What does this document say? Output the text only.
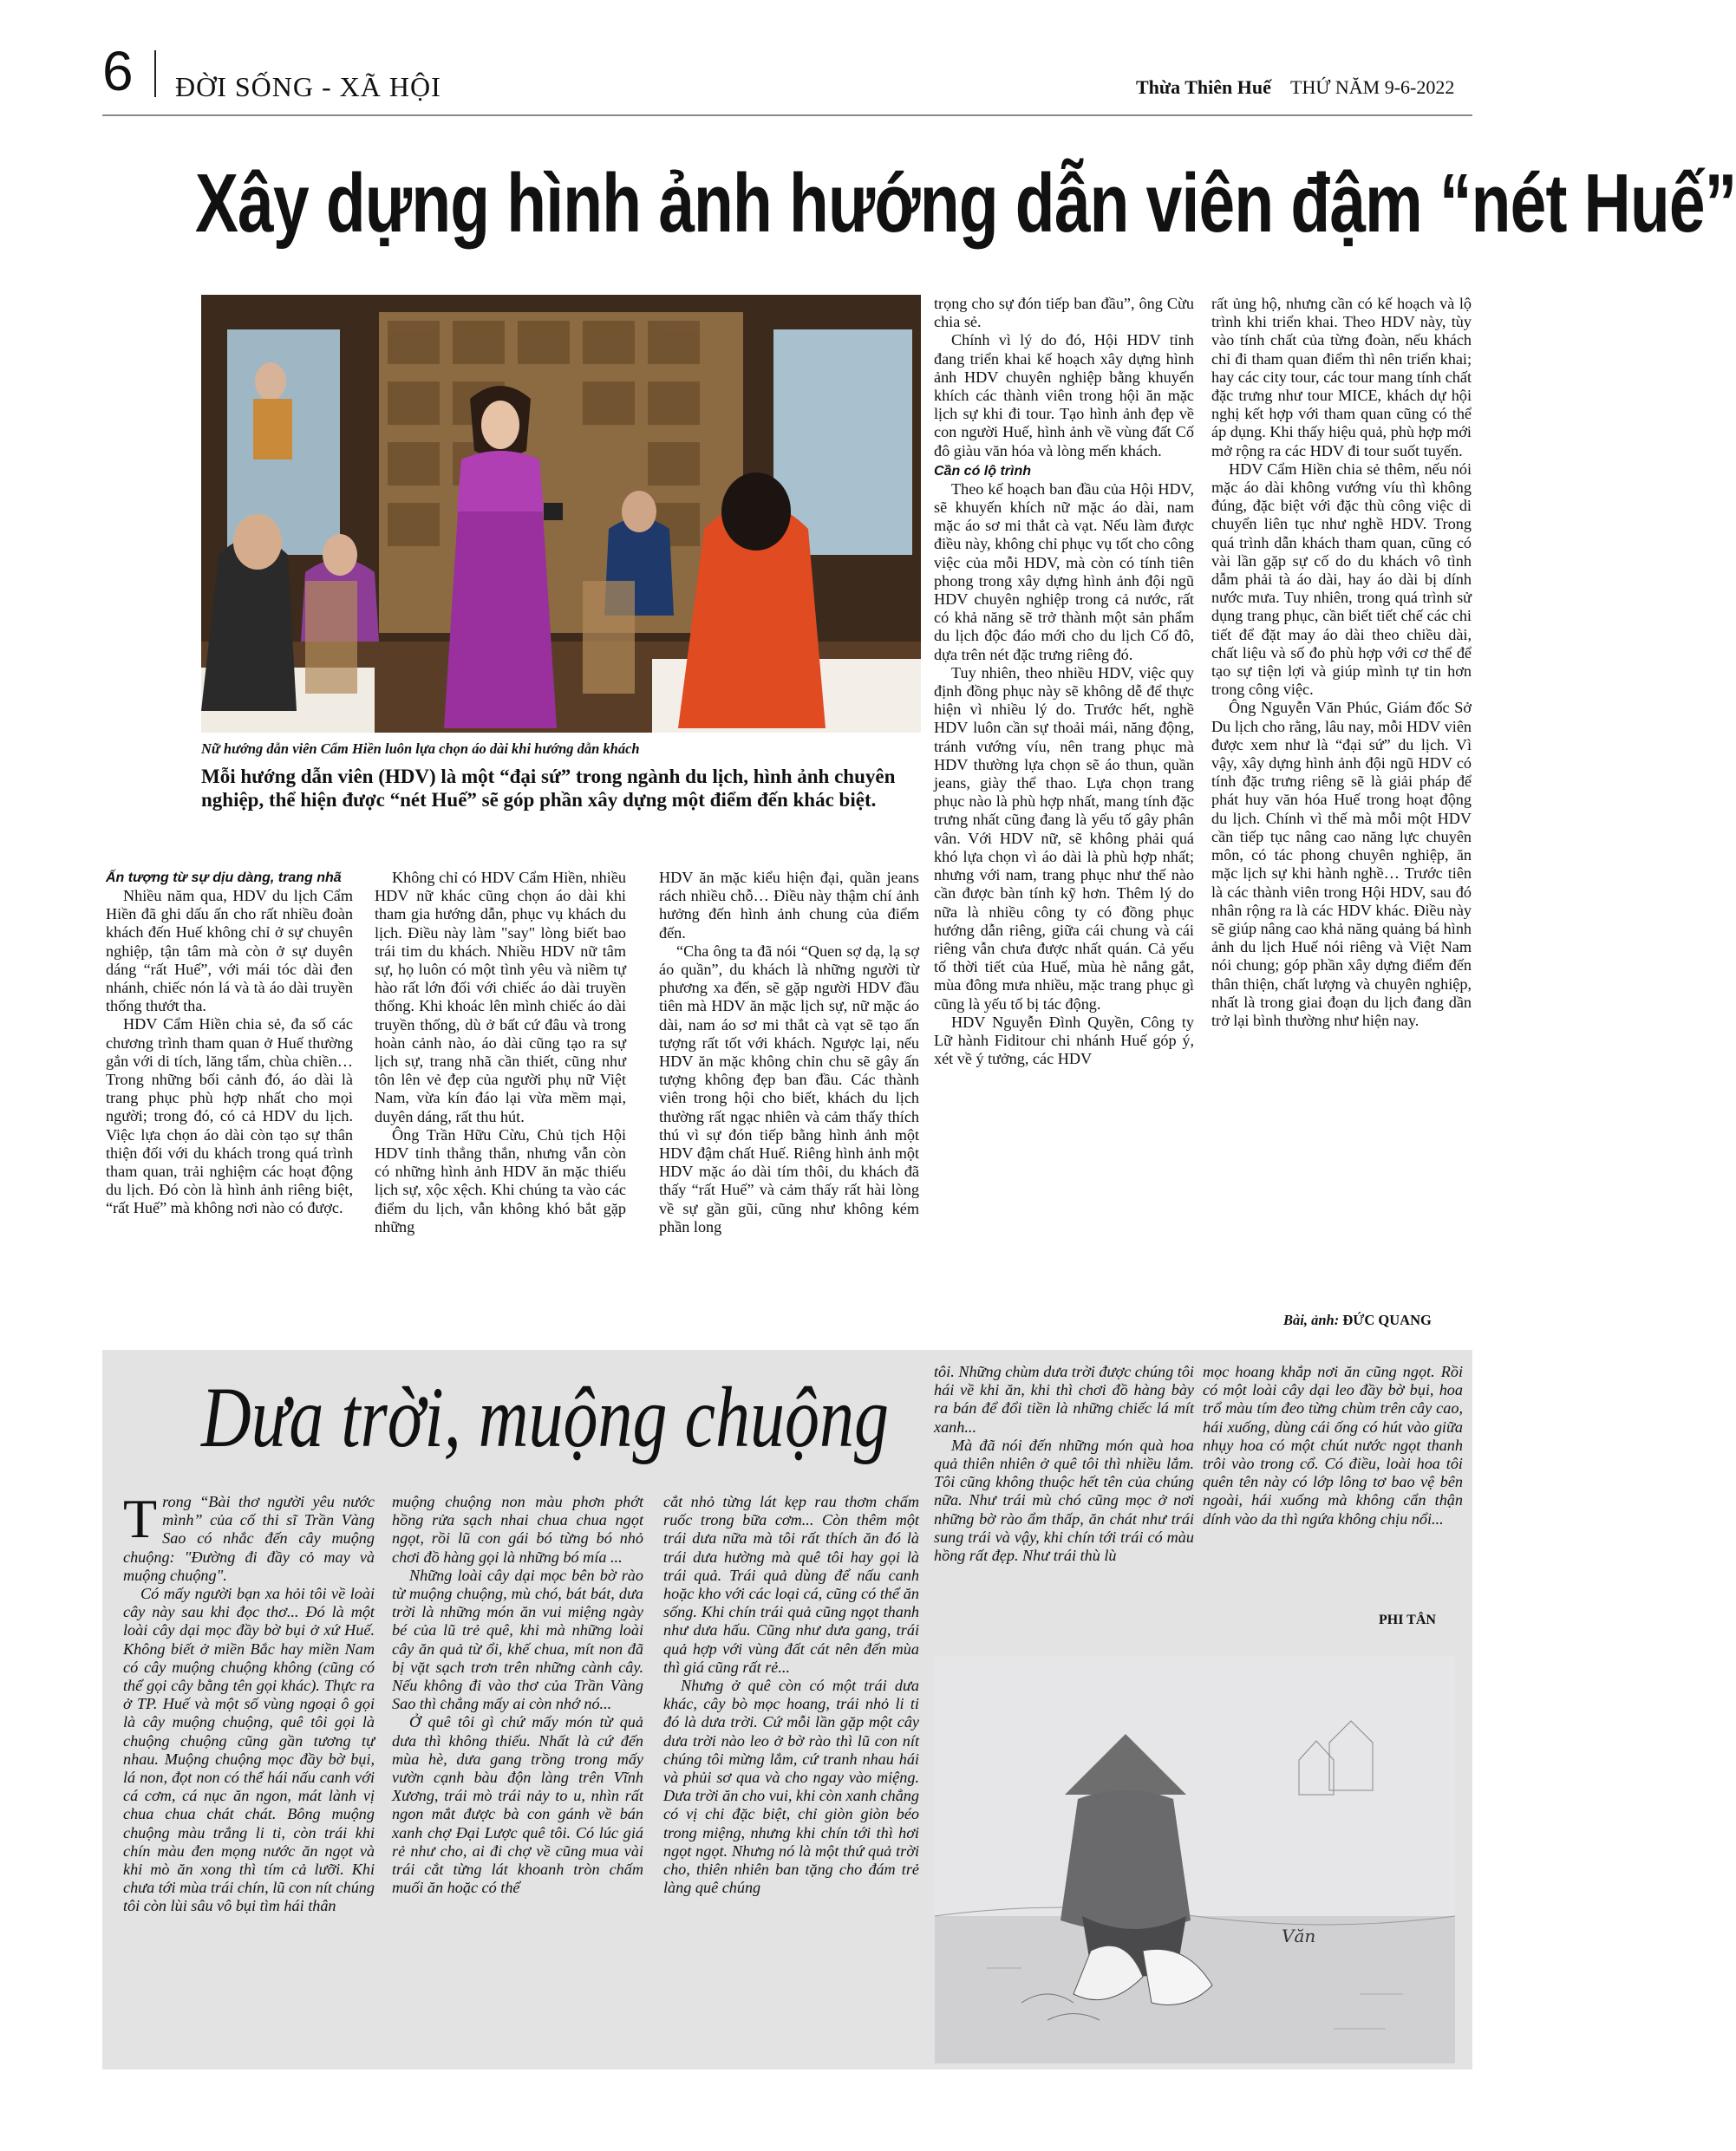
6 ĐỜI SỐNG - XÃ HỘI	Thừa Thiên Huế THỨ NĂM 9-6-2022
Xây dựng hình ảnh hướng dẫn viên đậm “nét Huế”
Nữ hướng dẫn viên Cẩm Hiền luôn lựa chọn áo dài khi hướng dẫn khách
Mỗi hướng dẫn viên (HDV) là một “đại sứ” trong ngành du lịch, hình ảnh chuyên nghiệp, thể hiện được “nét Huế” sẽ góp phần xây dựng một điểm đến khác biệt.

Ấn tượng từ sự dịu dàng, trang nhã

Nhiều năm qua, HDV du lịch Cẩm Hiền đã ghi dấu ấn cho rất nhiều đoàn khách đến Huế không chỉ ở sự chuyên nghiệp, tận tâm mà còn ở sự duyên dáng “rất Huế”, với mái tóc dài đen nhánh, chiếc nón lá và tà áo dài truyền thống thướt tha.

HDV Cẩm Hiền chia sẻ, đa số các chương trình tham quan ở Huế thường gắn với di tích, lăng tẩm, chùa chiền…Trong những bối cảnh đó, áo dài là trang phục phù hợp nhất cho mọi người; trong đó, có cả HDV du lịch. Việc lựa chọn áo dài còn tạo sự thân thiện đối với du khách trong quá trình tham quan, trải nghiệm các hoạt động du lịch. Đó còn là hình ảnh riêng biệt, “rất Huế” mà không nơi nào có được.

Không chỉ có HDV Cẩm Hiền, nhiều HDV nữ khác cũng chọn áo dài khi tham gia hướng dẫn, phục vụ khách du lịch. Điều này làm "say" lòng biết bao trái tim du khách. Nhiều HDV nữ tâm sự, họ luôn có một tình yêu và niềm tự hào rất lớn đối với chiếc áo dài truyền thống. Khi khoác lên mình chiếc áo dài truyền thống, dù ở bất cứ đâu và trong hoàn cảnh nào, áo dài cũng tạo ra sự lịch sự, trang nhã cần thiết, cũng như tôn lên vẻ đẹp của người phụ nữ Việt Nam, vừa kín đáo lại vừa mềm mại, duyên dáng, rất thu hút.

Ông Trần Hữu Cừu, Chủ tịch Hội HDV tỉnh thẳng thắn, nhưng vẫn còn có những hình ảnh HDV ăn mặc thiếu lịch sự, xộc xệch. Khi chúng ta vào các điểm du lịch, vẫn không khó bắt gặp những

HDV ăn mặc kiểu hiện đại, quần jeans rách nhiều chỗ… Điều này thậm chí ảnh hưởng đến hình ảnh chung của điểm đến.

“Cha ông ta đã nói “Quen sợ dạ, lạ sợ áo quần”, du khách là những người từ phương xa đến, sẽ gặp người HDV đầu tiên mà HDV ăn mặc lịch sự, nữ mặc áo dài, nam áo sơ mi thắt cà vạt sẽ tạo ấn tượng rất tốt với khách. Ngược lại, nếu HDV ăn mặc không chỉn chu sẽ gây ấn tượng không đẹp ban đầu. Các thành viên trong hội cho biết, khách du lịch thường rất ngạc nhiên và cảm thấy thích thú vì sự đón tiếp bằng hình ảnh một HDV đậm chất Huế. Riêng hình ảnh một HDV mặc áo dài tím thôi, du khách đã thấy “rất Huế” và cảm thấy rất hài lòng về sự gần gũi, cũng như không kém phần long

trọng cho sự đón tiếp ban đầu”, ông Cừu chia sẻ.

Chính vì lý do đó, Hội HDV tỉnh đang triển khai kế hoạch xây dựng hình ảnh HDV chuyên nghiệp bằng khuyến khích các thành viên trong hội ăn mặc lịch sự khi đi tour. Tạo hình ảnh đẹp về con người Huế, hình ảnh về vùng đất Cố đô giàu văn hóa và lòng mến khách.

Cần có lộ trình

Theo kế hoạch ban đầu của Hội HDV, sẽ khuyến khích nữ mặc áo dài, nam mặc áo sơ mi thắt cà vạt. Nếu làm được điều này, không chỉ phục vụ tốt cho công việc của mỗi HDV, mà còn có tính tiên phong trong xây dựng hình ảnh đội ngũ HDV chuyên nghiệp trong cả nước, rất có khả năng sẽ trở thành một sản phẩm du lịch độc đáo mới cho du lịch Cố đô, dựa trên nét đặc trưng riêng đó.

Tuy nhiên, theo nhiều HDV, việc quy định đồng phục này sẽ không dễ để thực hiện vì nhiều lý do. Trước hết, nghề HDV luôn cần sự thoải mái, năng động, tránh vướng víu, nên trang phục mà HDV thường lựa chọn sẽ áo thun, quần jeans, giày thể thao. Lựa chọn trang phục nào là phù hợp nhất, mang tính đặc trưng nhất cũng đang là yếu tố gây phân vân. Với HDV nữ, sẽ không phải quá khó lựa chọn vì áo dài là phù hợp nhất; nhưng với nam, trang phục như thế nào cần được bàn tính kỹ hơn. Thêm lý do nữa là nhiều công ty có đồng phục hướng dẫn riêng, giữa cái chung và cái riêng vẫn chưa được nhất quán. Cả yếu tố thời tiết của Huế, mùa hè nắng gắt, mùa đông mưa nhiều, mặc trang phục gì cũng là yếu tố bị tác động.

HDV Nguyễn Đình Quyền, Công ty Lữ hành Fiditour chi nhánh Huế góp ý, xét về ý tưởng, các HDV

rất ủng hộ, nhưng cần có kế hoạch và lộ trình khi triển khai. Theo HDV này, tùy vào tính chất của từng đoàn, nếu khách chỉ đi tham quan điểm thì nên triển khai; hay các city tour, các tour mang tính chất đặc trưng như tour MICE, khách dự hội nghị kết hợp với tham quan cũng có thể áp dụng. Khi thấy hiệu quả, phù hợp mới mở rộng ra các HDV đi tour suốt tuyến.

HDV Cẩm Hiền chia sẻ thêm, nếu nói mặc áo dài không vướng víu thì không đúng, đặc biệt với đặc thù công việc di chuyển liên tục như nghề HDV. Trong quá trình dẫn khách tham quan, cũng có vài lần gặp sự cố do du khách vô tình dẫm phải tà áo dài, hay áo dài bị dính nước mưa. Tuy nhiên, trong quá trình sử dụng trang phục, cần biết tiết chế các chi tiết để đặt may áo dài theo chiều dài, chất liệu và số đo phù hợp với cơ thể để tạo sự tiện lợi và giúp mình tự tin hơn trong công việc.

Ông Nguyễn Văn Phúc, Giám đốc Sở Du lịch cho rằng, lâu nay, mỗi HDV viên được xem như là “đại sứ” du lịch. Vì vậy, xây dựng hình ảnh đội ngũ HDV có tính đặc trưng riêng sẽ là giải pháp để phát huy văn hóa Huế trong hoạt động du lịch. Chính vì thế mà mỗi một HDV cần tiếp tục nâng cao năng lực chuyên môn, có tác phong chuyên nghiệp, ăn mặc lịch sự khi hành nghề… Trước tiên là các thành viên trong Hội HDV, sau đó nhân rộng ra là các HDV khác. Điều này sẽ giúp nâng cao khả năng quảng bá hình ảnh du lịch Huế nói riêng và Việt Nam nói chung; góp phần xây dựng điểm đến thân thiện, chất lượng và chuyên nghiệp, nhất là trong giai đoạn du lịch đang dần trở lại bình thường như hiện nay.

Bài, ảnh: ĐỨC QUANG
Dưa trời, muộng chuộng

Trong “Bài thơ người yêu nước mình” của cố thi sĩ Trần Vàng Sao có nhắc đến cây muộng chuộng: "Đường đi đầy cỏ may và muộng chuộng".

Có mấy người bạn xa hỏi tôi về loài cây này sau khi đọc thơ... Đó là một loài cây dại mọc đầy bờ bụi ở xứ Huế. Không biết ở miền Bắc hay miền Nam có cây muộng chuộng không (cũng có thể gọi cây bằng tên gọi khác). Thực ra ở TP. Huế và một số vùng ngoại ô gọi là cây muộng chuộng, quê tôi gọi là chuộng chuộng cũng gần tương tự nhau. Muộng chuộng mọc đầy bờ bụi, lá non, đọt non có thể hái nấu canh với cá cơm, cá nục ăn ngon, mát lành vị chua chua chát chát. Bông muộng chuộng màu trắng li ti, còn trái khi chín màu đen mọng nước ăn ngọt và khi mò ăn xong thì tím cả lưỡi. Khi chưa tới mùa trái chín, lũ con nít chúng tôi còn lùi sâu vô bụi tìm hái thân

muộng chuộng non màu phơn phớt hồng rửa sạch nhai chua chua ngọt ngọt, rồi lũ con gái bó từng bó nhỏ chơi đồ hàng gọi là những bó mía ...

Những loài cây dại mọc bên bờ rào từ muộng chuộng, mù chó, bát bát, dưa trời là những món ăn vui miệng ngày bé của lũ trẻ quê, khi mà những loài cây ăn quả từ ổi, khế chua, mít non đã bị vặt sạch trơn trên những cành cây. Nếu không đi vào thơ của Trần Vàng Sao thì chẳng mấy ai còn nhớ nó...

Ở quê tôi gì chứ mấy món từ quả dưa thì không thiếu. Nhất là cứ đến mùa hè, dưa gang trồng trong mấy vườn cạnh bàu độn làng trên Vĩnh Xương, trái mò trái nảy to u, nhìn rất ngon mắt được bà con gánh về bán xanh chợ Đại Lược quê tôi. Có lúc giá rẻ như cho, ai đi chợ về cũng mua vài trái cắt từng lát khoanh tròn chấm muối ăn hoặc có thể

cắt nhỏ từng lát kẹp rau thơm chấm ruốc trong bữa cơm... Còn thêm một trái dưa nữa mà tôi rất thích ăn đó là trái dưa hường mà quê tôi hay gọi là trái quả. Trái quả dùng để nấu canh hoặc kho với các loại cá, cũng có thể ăn sống. Khi chín trái quả cũng ngọt thanh như dưa hấu. Cũng như dưa gang, trái quả hợp với vùng đất cát nên đến mùa thì giá cũng rất rẻ...

Nhưng ở quê còn có một trái dưa khác, cây bò mọc hoang, trái nhỏ li ti đó là dưa trời. Cứ mỗi lần gặp một cây dưa trời nào leo ở bờ rào thì lũ con nít chúng tôi mừng lắm, cứ tranh nhau hái và phủi sơ qua và cho ngay vào miệng. Dưa trời ăn cho vui, khi còn xanh chẳng có vị chi đặc biệt, chỉ giòn giòn béo trong miệng, nhưng khi chín tới thì hơi ngọt ngọt. Nhưng nó là một thứ quả trời cho, thiên nhiên ban tặng cho đám trẻ làng quê chúng

tôi. Những chùm dưa trời được chúng tôi hái về khi ăn, khi thì chơi đồ hàng bày ra bán để đổi tiền là những chiếc lá mít xanh...

Mà đã nói đến những món quà hoa quả thiên nhiên ở quê tôi thì nhiều lắm. Tôi cũng không thuộc hết tên của chúng nữa. Như trái mù chó cũng mọc ở nơi những bờ rào ẩm thấp, ăn chát như trái sung trái và vậy, khi chín tới trái có màu hồng rất đẹp. Như trái thù lù

mọc hoang khắp nơi ăn cũng ngọt. Rồi có một loài cây dại leo đầy bờ bụi, hoa trổ màu tím đeo từng chùm trên cây cao, hái xuống, dùng cái ống có hút vào giữa nhụy hoa có một chút nước ngọt thanh trôi vào trong cổ. Có điều, loài hoa tôi quên tên này có lớp lông tơ bao vệ bên ngoài, hái xuống mà không cẩn thận dính vào da thì ngứa không chịu nổi...

PHI TÂN
Văn
